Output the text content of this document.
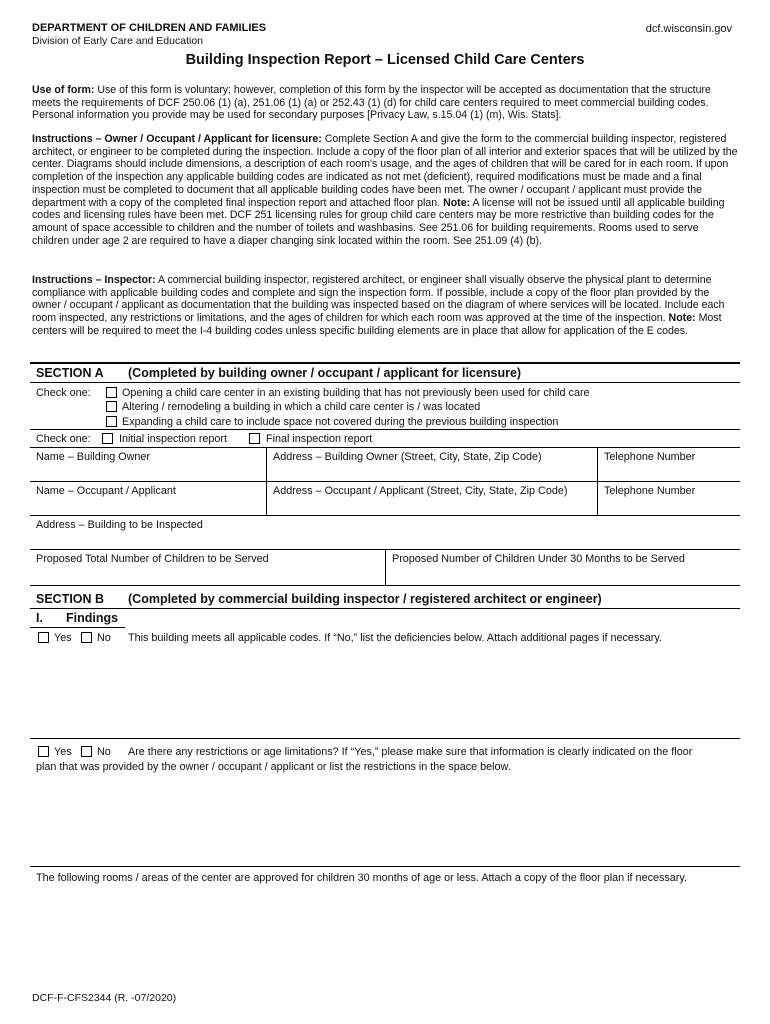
DEPARTMENT OF CHILDREN AND FAMILIES
Division of Early Care and Education
dcf.wisconsin.gov
Building Inspection Report – Licensed Child Care Centers
Use of form: Use of this form is voluntary; however, completion of this form by the inspector will be accepted as documentation that the structure meets the requirements of DCF 250.06 (1) (a), 251.06 (1) (a) or 252.43 (1) (d) for child care centers required to meet commercial building codes. Personal information you provide may be used for secondary purposes [Privacy Law, s.15.04 (1) (m), Wis. Stats].
Instructions – Owner / Occupant / Applicant for licensure: Complete Section A and give the form to the commercial building inspector, registered architect, or engineer to be completed during the inspection. Include a copy of the floor plan of all interior and exterior spaces that will be utilized by the center. Diagrams should include dimensions, a description of each room's usage, and the ages of children that will be cared for in each room. If upon completion of the inspection any applicable building codes are indicated as not met (deficient), required modifications must be made and a final inspection must be completed to document that all applicable building codes have been met. The owner / occupant / applicant must provide the department with a copy of the completed final inspection report and attached floor plan. Note: A license will not be issued until all applicable building codes and licensing rules have been met. DCF 251 licensing rules for group child care centers may be more restrictive than building codes for the amount of space accessible to children and the number of toilets and washbasins. See 251.06 for building requirements. Rooms used to serve children under age 2 are required to have a diaper changing sink located within the room. See 251.09 (4) (b).
Instructions – Inspector: A commercial building inspector, registered architect, or engineer shall visually observe the physical plant to determine compliance with applicable building codes and complete and sign the inspection form. If possible, include a copy of the floor plan provided by the owner / occupant / applicant as documentation that the building was inspected based on the diagram of where services will be located. Include each room inspected, any restrictions or limitations, and the ages of children for which each room was approved at the time of the inspection. Note: Most centers will be required to meet the I-4 building codes unless specific building elements are in place that allow for application of the E codes.
SECTION A (Completed by building owner / occupant / applicant for licensure)
Check one:	Opening a child care center in an existing building that has not previously been used for child care
Altering / remodeling a building in which a child care center is / was located
Expanding a child care to include space not covered during the previous building inspection
Check one:	Initial inspection report	Final inspection report
Name – Building Owner	Address – Building Owner (Street, City, State, Zip Code)	Telephone Number
Name – Occupant / Applicant	Address – Occupant / Applicant (Street, City, State, Zip Code)	Telephone Number
Address – Building to be Inspected
Proposed Total Number of Children to be Served	Proposed Number of Children Under 30 Months to be Served
SECTION B (Completed by commercial building inspector / registered architect or engineer)
I. Findings
Yes No This building meets all applicable codes. If “No,” list the deficiencies below. Attach additional pages if necessary.
Yes No Are there any restrictions or age limitations? If “Yes,” please make sure that information is clearly indicated on the floor
plan that was provided by the owner / occupant / applicant or list the restrictions in the space below.
The following rooms / areas of the center are approved for children 30 months of age or less. Attach a copy of the floor plan if necessary.
DCF-F-CFS2344 (R. -07/2020)
